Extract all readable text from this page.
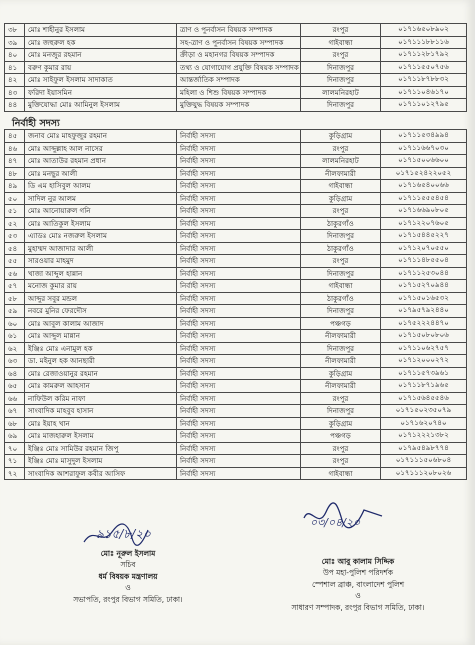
৩৮	মোঃ শাহীনুর ইসলাম	ত্রাণ ও পুনর্বাসন বিষয়ক সম্পাদক	রংপুর	০১৭১৬৫০৮৯০২
৩৯	মোঃ জহুরুল হক	সহ-ত্রাণ ও পুনর্বাসন বিষয়ক সম্পাদক	গাইবান্ধা	০১৭১১১৮৮১১৬
৪০	মোঃ মনজুর রহমান	ক্রীড়া ও মহানগর বিষয়ক সম্পাদক	রংপুর	০১৭১১২৮১৭৯২
৪১	বরুণ কুমার রায়	তথ্য ও যোগাযোগ প্রযুক্তি বিষয়ক সম্পাদক	দিনাজপুর	০১৭১১৫৫০৭৫৬
৪২	মোঃ সাইফুল ইসলাম সাদাকাত	আন্তর্জাতিক সম্পাদক	দিনাজপুর	০১৭১১৮৭৮৮৩২
৪৩	ফরিদা ইয়াসমিন	মহিলা ও শিশু বিষয়ক সম্পাদক	লালমনিরহাট	০১৭১১০৪৬১৭০
৪৪	মুক্তিযোদ্ধা মোঃ আমিনুল ইসলাম	মুক্তিযুদ্ধ বিষয়ক সম্পাদক	দিনাজপুর	০১৭১১০১২৭৯৫
নির্বাহী সদস্য
৪৫	জনাব মোঃ মাহফুজুর রহমান	নির্বাহী সদস্য	কুড়িগ্রাম	০১৭১১৫৩৪৯৯৪
৪৬	মোঃ আব্দুল্লাহ আল নাসের	নির্বাহী সদস্য	রংপুর	০১৭১১৬৬৭০৩০
৪৭	মোঃ আতাউর রহমান প্রধান	নির্বাহী সদস্য	লালমনিরহাট	০১৭১৫০০৬৬০০
৪৮	মোঃ মনছুর আলী	নির্বাহী সদস্য	নীলফামারী	০১৭১৫২৪২২০৫২
৪৯	ডি এম হাসিবুল আলম	নির্বাহী সদস্য	গাইবান্ধা	০১৭১৬৫৪০০৬৬
৫০	সাদিল নুর আলম	নির্বাহী সদস্য	কুড়িগ্রাম	০১৭১১৫৫৫৪৫৪
৫১	মোঃ আনোয়ারুল গনি	নির্বাহী সদস্য	রংপুর	০১৭১৬৬৯০৮০৫
৫২	মোঃ আতিকুল ইসলাম	নির্বাহী সদস্য	ঠাকুরগাঁও	০১৭১২২০৭৬০৫
৫৩	এ্যাডঃ মোঃ নজরুল ইসলাম	নির্বাহী সদস্য	দিনাজপুর	০১৭১৫৪৪৫২২৭
৫৪	মুহাম্মদ আজাদার আলী	নির্বাহী সদস্য	ঠাকুরগাঁও	০১৭১২০৭০৫৫০
৫৫	সারওয়ার মাহমুদ	নির্বাহী সদস্য	রংপুর	০১৭১১৪৮৫৫০৪
৫৬	খাজা আব্দুল হান্নান	নির্বাহী সদস্য	দিনাজপুর	০১৭১১২৫৩০৪৪
৫৭	মনোজ কুমার রায়	নির্বাহী সদস্য	গাইবান্ধা	০১৭১৫২৭০৯৪৪
৫৮	আব্দুর সবুর মন্ডল	নির্বাহী সদস্য	ঠাকুরগাঁও	০১৭১৫০১৬৫৩২
৫৯	নবরে মুনির ফেরদৌস	নির্বাহী সদস্য	দিনাজপুর	০১৭৯৫৭৯২৪৪০
৬০	মোঃ আবুল কালাম আজাদ	নির্বাহী সদস্য	পঞ্চগড়	০১৭৫২২২৪৪৭০
৬১	মোঃ আব্দুল মান্নান	নির্বাহী সদস্য	নীলফামারী	০১৭১৫০৮০৮০৬
৬২	ইঞ্জিঃ মোঃ এনামুল হক	নির্বাহী সদস্য	দিনাজপুর	০১৭১১০৬২৭৫৭
৬৩	ডা. মইনুল হক আনছারী	নির্বাহী সদস্য	নীলফামারী	০১৭১২০০০২৭২
৬৪	মোঃ রেজাওয়ানুর রহমান	নির্বাহী সদস্য	কুড়িগ্রাম	০১৭১১৫৭৩৯৬১
৬৫	মোঃ কামরুল আহসান	নির্বাহী সদস্য	নীলফামারী	০১৭১১৮৭১৯৬৫
৬৬	নাফিউল করিম নাফা	নির্বাহী সদস্য	রংপুর	০১৭১৫৬৪৫৫৪৬
৬৭	সাংবাদিক মাহবুব হাসান	নির্বাহী সদস্য	দিনাজপুর	০১৭১৫০২৩৫০৭৯
৬৮	মোঃ ইয়াহ খান	নির্বাহী সদস্য	কুড়িগ্রাম	০১৭১৬২০৭৪০
৬৯	মোঃ মাজহারুল ইসলাম	নির্বাহী সদস্য	পঞ্চগড়	০১৭১২২২১৩৮২
৭০	ইঞ্জিঃ মোঃ সামিউর রহমান জিপু	নির্বাহী সদস্য	রংপুর	০১৭৯৫৪৯৮৭৭৪
৭১	ইঞ্জিঃ মোঃ মাসুদুল ইসলাম	নির্বাহী সদস্য	রংপুর	০১৭১১১৫০৬৮০৪
৭২	সাংবাদিক আশরাফুল কবীর আসিফ	নির্বাহী সদস্য	গাইবান্ধা	০১৭১১১২০৮০২৬
৯১৫/৮/২০
০৩/০৪/২০
মোঃ নূরুল ইসলাম
সচিব
ধর্ম বিষয়ক মন্ত্রণালয়
ও
সভাপতি, রংপুর বিভাগ সমিতি, ঢাকা।
মোঃ আবু কালাম সিদ্দিক
উপ মহা-পুলিশ পরিদর্শক
স্পেশাল ব্রাঞ্চ, বাংলাদেশ পুলিশ
ও
সাধারণ সম্পাদক, রংপুর বিভাগ সমিতি, ঢাকা।
